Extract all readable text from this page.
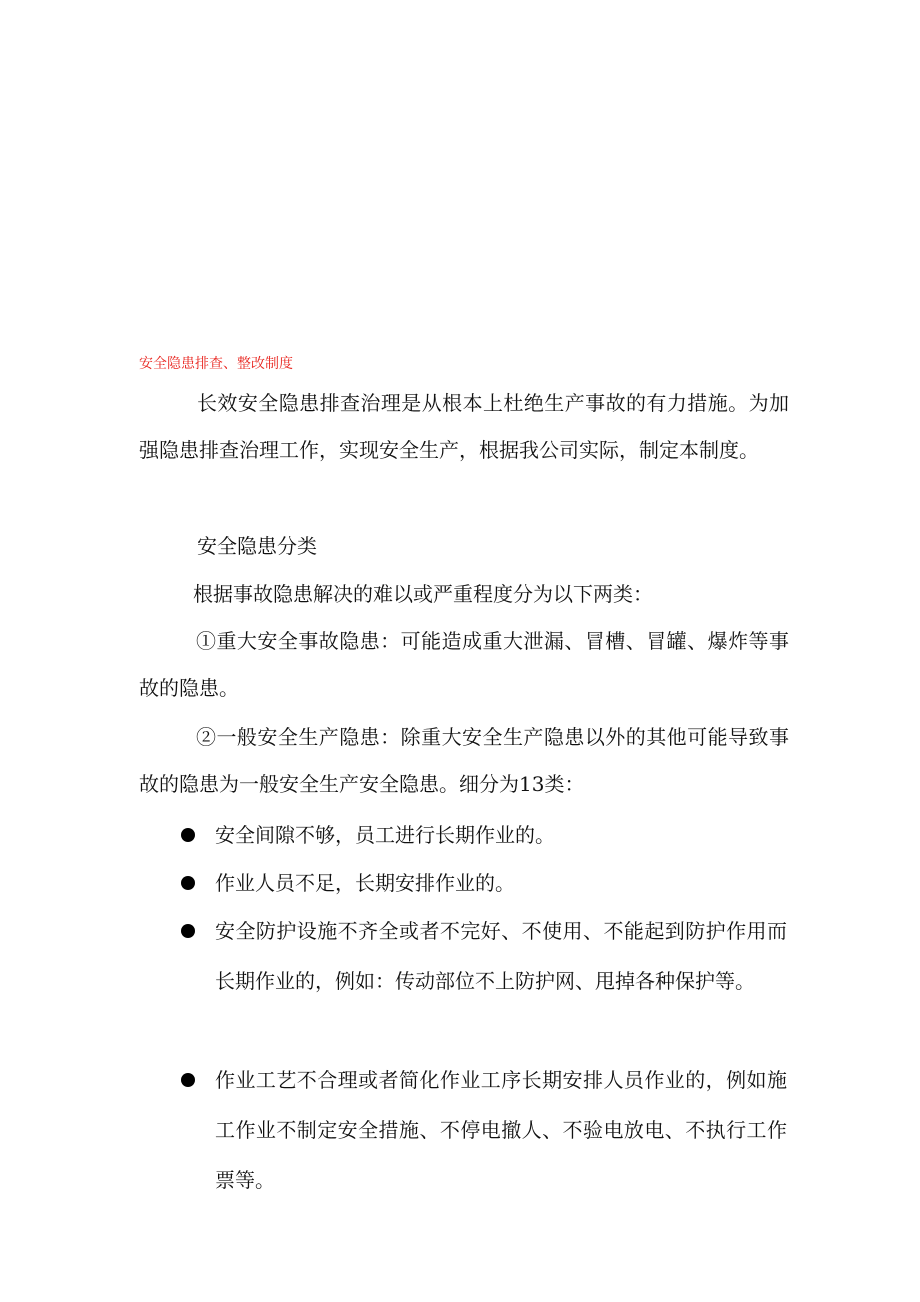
安全隐患排查、整改制度
长效安全隐患排查治理是从根本上杜绝生产事故的有力措施。为加强隐患排查治理工作，实现安全生产，根据我公司实际，制定本制度。
安全隐患分类
根据事故隐患解决的难以或严重程度分为以下两类：
①重大安全事故隐患：可能造成重大泄漏、冒槽、冒罐、爆炸等事故的隐患。
②一般安全生产隐患：除重大安全生产隐患以外的其他可能导致事故的隐患为一般安全生产安全隐患。细分为13类：
安全间隙不够，员工进行长期作业的。
作业人员不足，长期安排作业的。
安全防护设施不齐全或者不完好、不使用、不能起到防护作用而长期作业的，例如：传动部位不上防护网、甩掉各种保护等。
作业工艺不合理或者简化作业工序长期安排人员作业的，例如施工作业不制定安全措施、不停电撤人、不验电放电、不执行工作票等。
